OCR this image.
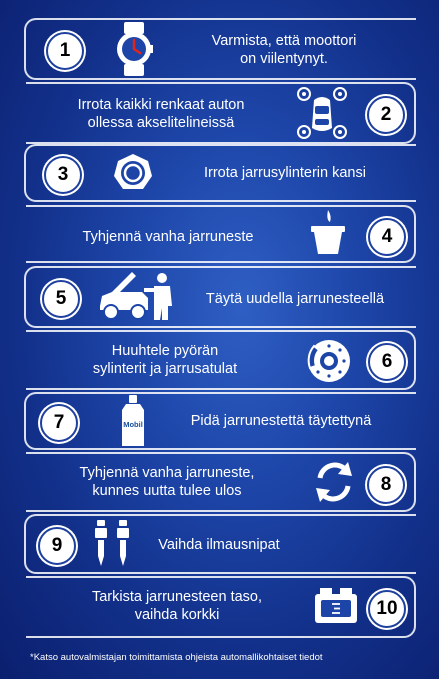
1	Varmista, että moottori
on viilentynyt.
Irrota kaikki renkaat auton
ollessa akselitelineissä	2
3	Irrota jarrusylinterin kansi
Tyhjennä vanha jarruneste	4
5	Täytä uudella jarrunesteellä
Huuhtele pyörän
sylinterit ja jarrusatulat	6
7	Mobil	Pidä jarrunestettä täytettynä
Tyhjennä vanha jarruneste,
kunnes uutta tulee ulos	8
9	Vaihda ilmausnipat
Tarkista jarrunesteen taso,
vaihda korkki	10
*Katso autovalmistajan toimittamista ohjeista automallikohtaiset tiedot
